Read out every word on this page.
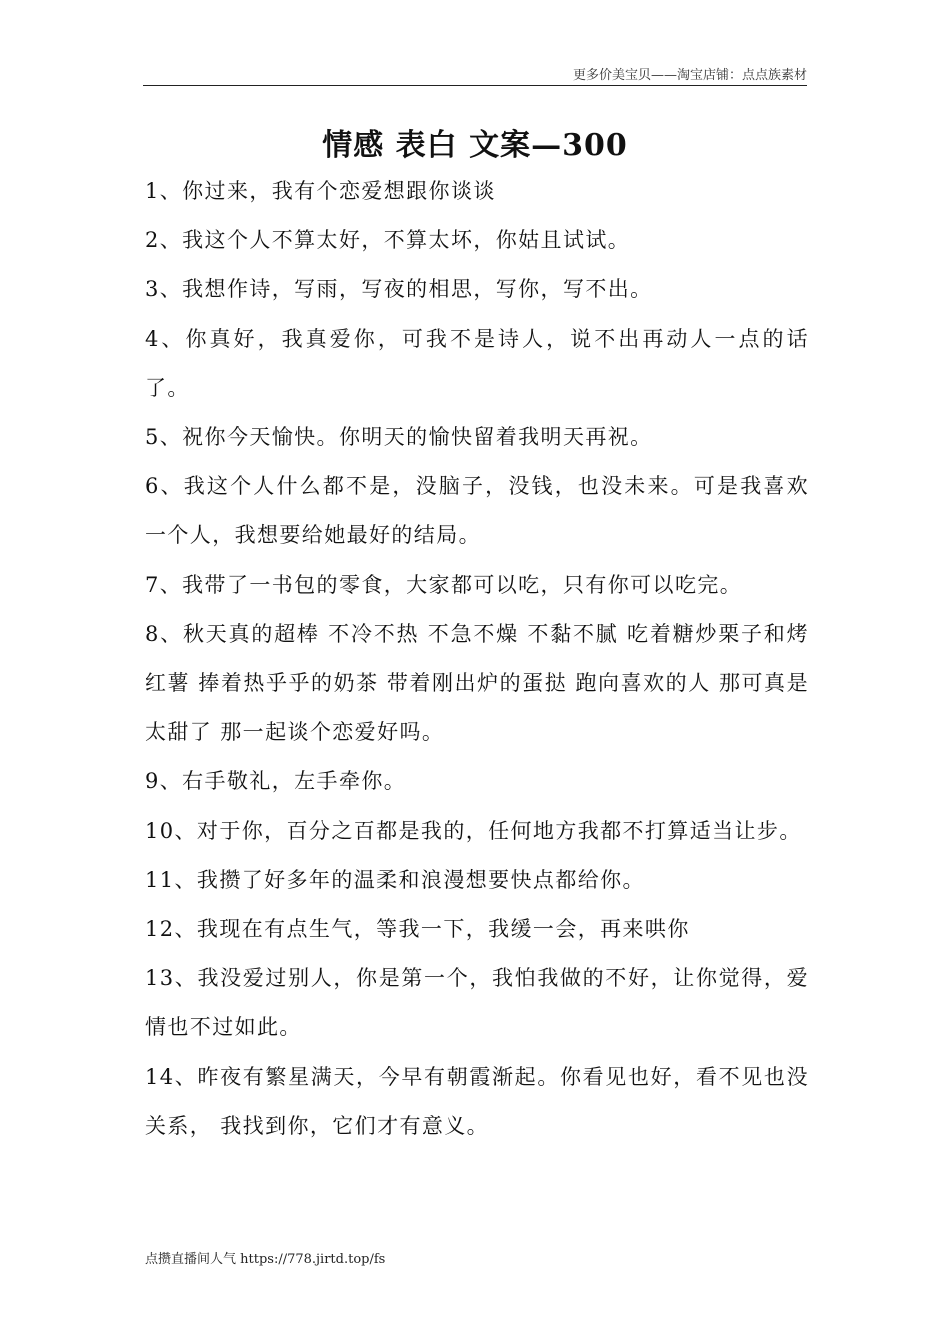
更多价美宝贝——淘宝店铺：点点族素材
情感 表白 文案—300

1、你过来，我有个恋爱想跟你谈谈

2、我这个人不算太好，不算太坏，你姑且试试。

3、我想作诗，写雨，写夜的相思，写你，写不出。

4、你真好，我真爱你，可我不是诗人，说不出再动人一点的话了。

5、祝你今天愉快。你明天的愉快留着我明天再祝。

6、我这个人什么都不是，没脑子，没钱，也没未来。可是我喜欢一个人，我想要给她最好的结局。

7、我带了一书包的零食，大家都可以吃，只有你可以吃完。

8、秋天真的超棒 不冷不热 不急不燥 不黏不腻 吃着糖炒栗子和烤红薯 捧着热乎乎的奶茶 带着刚出炉的蛋挞 跑向喜欢的人 那可真是太甜了 那一起谈个恋爱好吗。

9、右手敬礼，左手牵你。

10、对于你，百分之百都是我的，任何地方我都不打算适当让步。

11、我攒了好多年的温柔和浪漫想要快点都给你。

12、我现在有点生气，等我一下，我缓一会，再来哄你

13、我没爱过别人，你是第一个，我怕我做的不好，让你觉得，爱情也不过如此。

14、昨夜有繁星满天，今早有朝霞渐起。你看见也好，看不见也没关系， 我找到你，它们才有意义。

点攒直播间人气 https://778.jirtd.top/fs
